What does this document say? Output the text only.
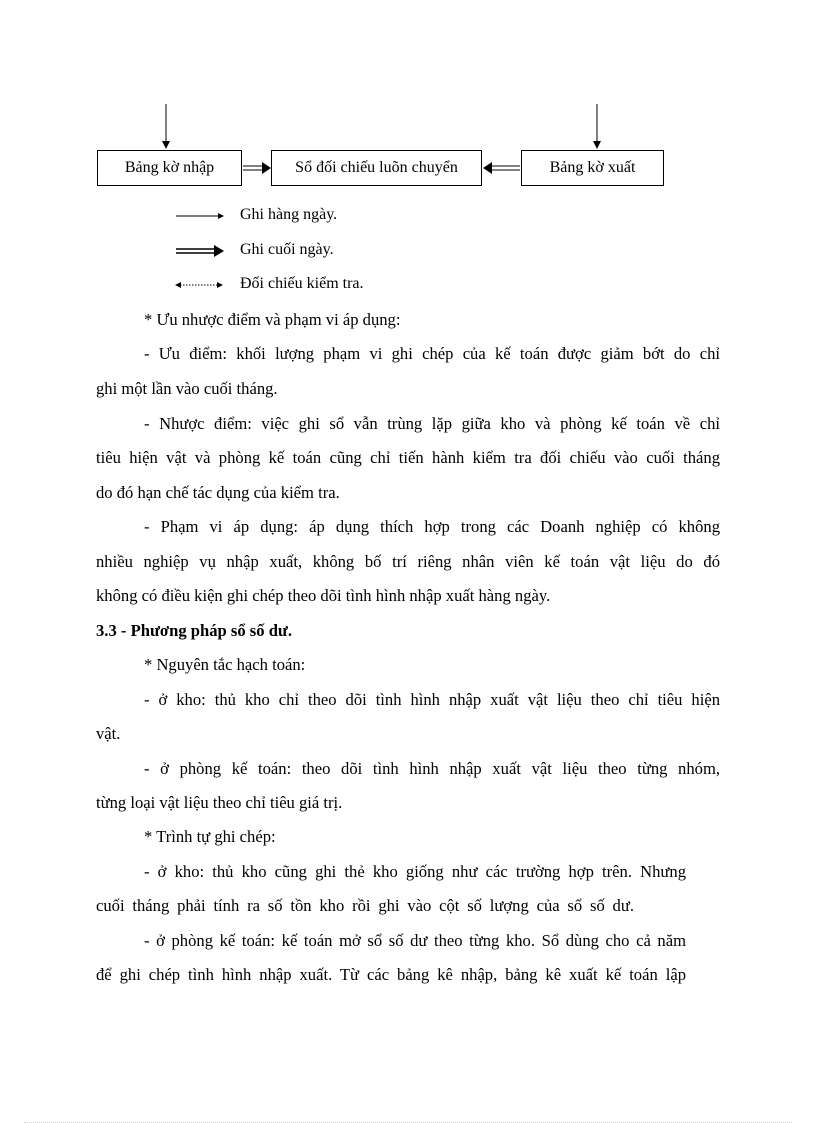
Bảng kờ nhập	Sổ đối chiếu luõn chuyển	Bảng kờ xuất
Ghi hàng ngày.
Ghi cuối ngày.
Đối chiếu kiểm tra.
* Ưu nhược điểm và phạm vi áp dụng:
- Ưu điểm: khối lượng phạm vi ghi chép của kế toán được giảm bớt do chỉ
ghi một lần vào cuối tháng.
- Nhược điểm: việc ghi sổ vẫn trùng lặp giữa kho và phòng kế toán về chỉ
tiêu hiện vật và phòng kế toán cũng chỉ tiến hành kiểm tra đối chiếu vào cuối tháng
do đó hạn chế tác dụng của kiểm tra.
- Phạm vi áp dụng: áp dụng thích hợp trong các Doanh nghiệp có không
nhiều nghiệp vụ nhập xuất, không bố trí riêng nhân viên kế toán vật liệu do đó
không có điều kiện ghi chép theo dõi tình hình nhập xuất hàng ngày.
3.3 - Phương pháp sổ số dư.
* Nguyên tắc hạch toán:
- ở kho: thủ kho chỉ theo dõi tình hình nhập xuất vật liệu theo chỉ tiêu hiện
vật.
- ở phòng kế toán: theo dõi tình hình nhập xuất vật liệu theo từng nhóm,
từng loại vật liệu theo chỉ tiêu giá trị.
* Trình tự ghi chép:
- ở kho: thủ kho cũng ghi thẻ kho giống như các trường hợp trên. Nhưng
cuối tháng phải tính ra số tồn kho rồi ghi vào cột số lượng của sổ số dư.
- ở phòng kế toán: kế toán mở sổ số dư theo từng kho. Sổ dùng cho cả năm
để ghi chép tình hình nhập xuất. Từ các bảng kê nhập, bảng kê xuất kế toán lập
